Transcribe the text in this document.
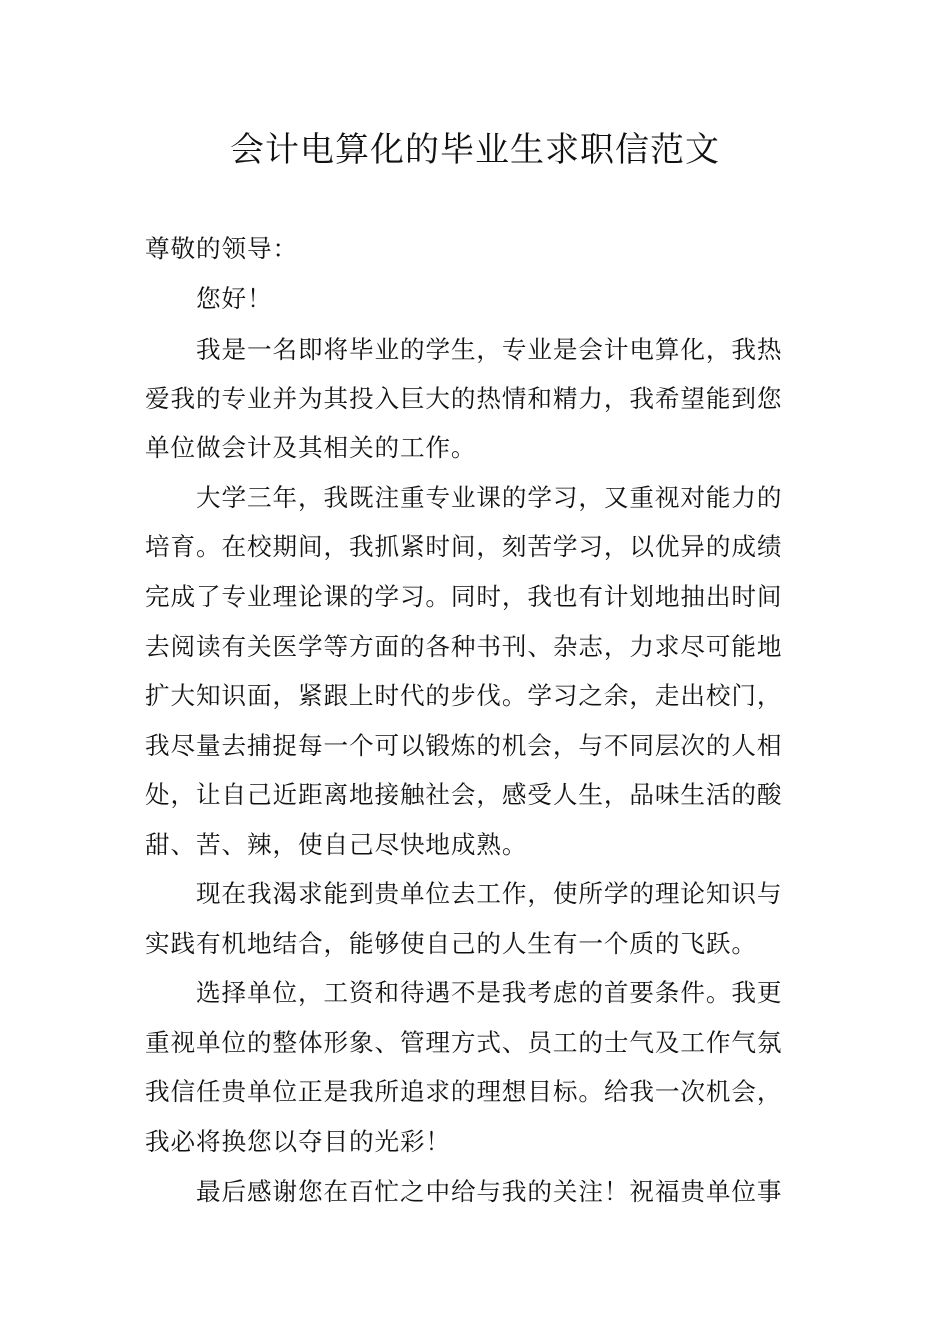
会计电算化的毕业生求职信范文
尊敬的领导：
您好！
我是一名即将毕业的学生，专业是会计电算化，我热
爱我的专业并为其投入巨大的热情和精力，我希望能到您
单位做会计及其相关的工作。
大学三年，我既注重专业课的学习，又重视对能力的
培育。在校期间，我抓紧时间，刻苦学习，以优异的成绩
完成了专业理论课的学习。同时，我也有计划地抽出时间
去阅读有关医学等方面的各种书刊、杂志，力求尽可能地
扩大知识面，紧跟上时代的步伐。学习之余，走出校门，
我尽量去捕捉每一个可以锻炼的机会，与不同层次的人相
处，让自己近距离地接触社会，感受人生，品味生活的酸
甜、苦、辣，使自己尽快地成熟。
现在我渴求能到贵单位去工作，使所学的理论知识与
实践有机地结合，能够使自己的人生有一个质的飞跃。
选择单位，工资和待遇不是我考虑的首要条件。我更
重视单位的整体形象、管理方式、员工的士气及工作气氛
我信任贵单位正是我所追求的理想目标。给我一次机会，
我必将换您以夺目的光彩！
最后感谢您在百忙之中给与我的关注！祝福贵单位事
